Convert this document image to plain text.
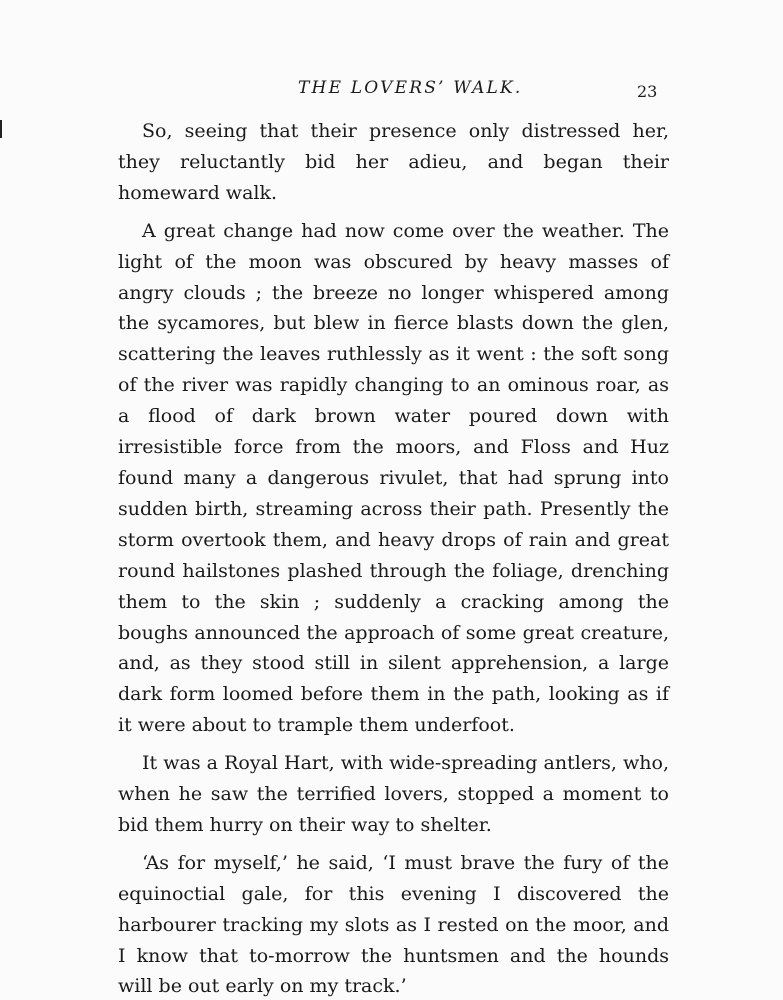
THE LOVERS’ WALK.	23

So, seeing that their presence only distressed her, they reluctantly bid her adieu, and began their homeward walk.

A great change had now come over the weather. The light of the moon was obscured by heavy masses of angry clouds ; the breeze no longer whispered among the sycamores, but blew in fierce blasts down the glen, scattering the leaves ruthlessly as it went : the soft song of the river was rapidly changing to an ominous roar, as a flood of dark brown water poured down with irresistible force from the moors, and Floss and Huz found many a dangerous rivulet, that had sprung into sudden birth, streaming across their path. Presently the storm overtook them, and heavy drops of rain and great round hailstones plashed through the foliage, drenching them to the skin ; suddenly a cracking among the boughs announced the approach of some great creature, and, as they stood still in silent apprehension, a large dark form loomed before them in the path, looking as if it were about to trample them underfoot.

It was a Royal Hart, with wide-spreading antlers, who, when he saw the terrified lovers, stopped a moment to bid them hurry on their way to shelter.

‘As for myself,’ he said, ‘I must brave the fury of the equinoctial gale, for this evening I discovered the harbourer tracking my slots as I rested on the moor, and I know that to-morrow the huntsmen and the hounds will be out early on my track.’
